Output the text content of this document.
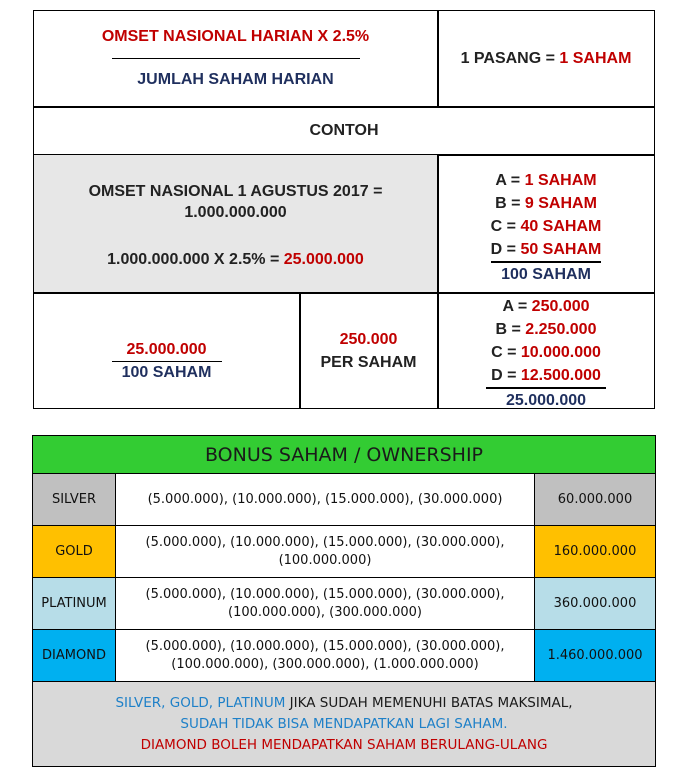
OMSET NASIONAL HARIAN X 2.5%
JUMLAH SAHAM HARIAN
1 PASANG = 1 SAHAM
CONTOH
OMSET NASIONAL 1 AGUSTUS 2017 =
1.000.000.000
1.000.000.000 X 2.5% = 25.000.000
A = 1 SAHAM
B = 9 SAHAM
C = 40 SAHAM
D = 50 SAHAM
100 SAHAM
25.000.000
100 SAHAM
250.000
PER SAHAM
A = 250.000
B = 2.250.000
C = 10.000.000
D = 12.500.000
25.000.000
BONUS SAHAM / OWNERSHIP
SILVER	(5.000.000), (10.000.000), (15.000.000), (30.000.000)	60.000.000
GOLD
(5.000.000), (10.000.000), (15.000.000), (30.000.000),
(100.000.000)
160.000.000
PLATINUM
(5.000.000), (10.000.000), (15.000.000), (30.000.000),
(100.000.000), (300.000.000)
360.000.000
DIAMOND
(5.000.000), (10.000.000), (15.000.000), (30.000.000),
(100.000.000), (300.000.000), (1.000.000.000)
1.460.000.000
SILVER, GOLD, PLATINUM JIKA SUDAH MEMENUHI BATAS MAKSIMAL,
SUDAH TIDAK BISA MENDAPATKAN LAGI SAHAM.
DIAMOND BOLEH MENDAPATKAN SAHAM BERULANG-ULANG
